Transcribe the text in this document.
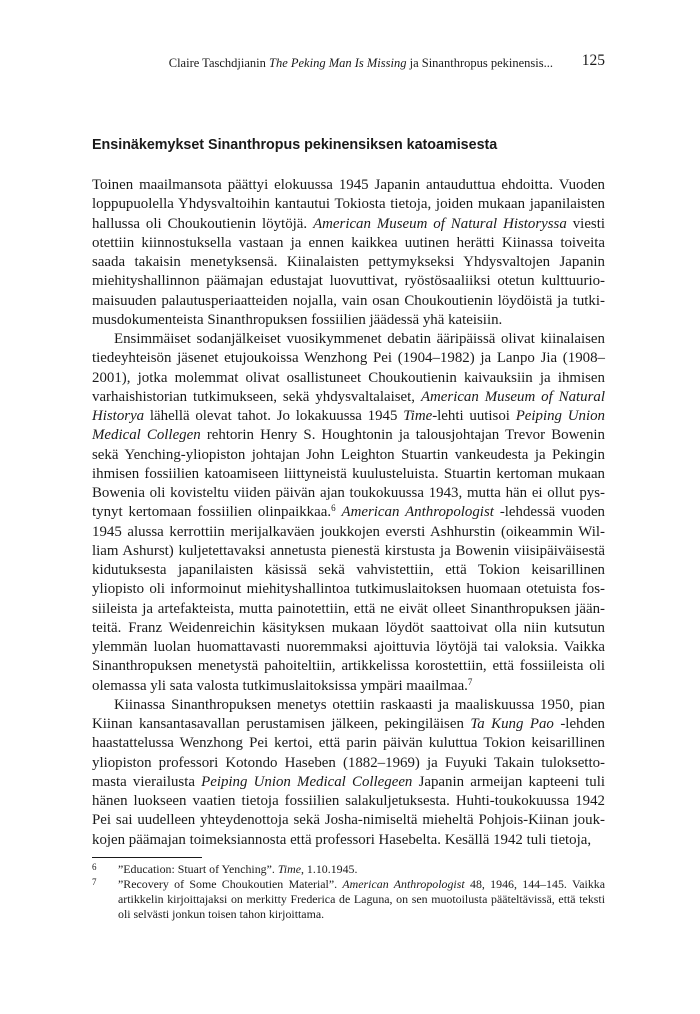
Claire Taschdjianin The Peking Man Is Missing ja Sinanthropus pekinensis... 125
Ensinäkemykset Sinanthropus pekinensiksen katoamisesta

Toinen maailmansota päättyi elokuussa 1945 Japanin antauduttua ehdoitta. Vuoden loppupuolella Yhdysvaltoihin kantautui Tokiosta tietoja, joiden mukaan japanilaisten hallussa oli Choukoutienin löytöjä. American Museum of Natural Historyssa viesti otettiin kiinnostuksella vastaan ja ennen kaikkea uutinen herätti Kiinassa toiveita saada takaisin menetyksensä. Kiinalaisten pettymykseksi Yhdysvaltojen Japanin miehityshallinnon päämajan edustajat luovuttivat, ryöstösaaliiksi otetun kulttuuriomaisuuden palautusperiaatteiden nojalla, vain osan Choukoutienin löydöistä ja tutkimusdokumenteista Sinanthropuksen fossiilien jäädessä yhä kateisiin.

Ensimmäiset sodanjälkeiset vuosikymmenet debatin ääripäissä olivat kiinalaisen tiedeyhteisön jäsenet etujoukoissa Wenzhong Pei (1904–1982) ja Lanpo Jia (1908–2001), jotka molemmat olivat osallistuneet Choukoutienin kaivauksiin ja ihmisen varhaishistorian tutkimukseen, sekä yhdysvaltalaiset, American Museum of Natural Historya lähellä olevat tahot. Jo lokakuussa 1945 Time-lehti uutisoi Peiping Union Medical Collegen rehtorin Henry S. Houghtonin ja talousjohtajan Trevor Bowenin sekä Yenching-yliopiston johtajan John Leighton Stuartin vankeudesta ja Pekingin ihmisen fossiilien katoamiseen liittyneistä kuulusteluista. Stuartin kertoman mukaan Bowenia oli kovisteltu viiden päivän ajan toukokuussa 1943, mutta hän ei ollut pystynyt kertomaan fossiilien olinpaikkaa.$^6$ American Anthropologist -lehdessä vuoden 1945 alussa kerrottiin merijalkaväen joukkojen eversti Ashhurstin (oikeammin William Ashurst) kuljetettavaksi annetusta pienestä kirstusta ja Bowenin viisipäiväisestä kidutuksesta japanilaisten käsissä sekä vahvistettiin, että Tokion keisarillinen yliopisto oli informoinut miehityshallintoa tutkimuslaitoksen huomaan otetuista fossiileista ja artefakteista, mutta painotettiin, että ne eivät olleet Sinanthropuksen jäänteitä. Franz Weidenreichin käsityksen mukaan löydöt saattoivat olla niin kutsutun ylemmän luolan huomattavasti nuoremmaksi ajoittuvia löytöjä tai valoksia. Vaikka Sinanthropuksen menetystä pahoiteltiin, artikkelissa korostettiin, että fossiileista oli olemassa yli sata valosta tutkimuslaitoksissa ympäri maailmaa.$^7$

Kiinassa Sinanthropuksen menetys otettiin raskaasti ja maaliskuussa 1950, pian Kiinan kansantasavallan perustamisen jälkeen, pekingiläisen Ta Kung Pao -lehden haastattelussa Wenzhong Pei kertoi, että parin päivän kuluttua Tokion keisarillinen yliopiston professori Kotondo Haseben (1882–1969) ja Fuyuki Takain tuloksettomasta vierailusta Peiping Union Medical Collegeen Japanin armeijan kapteeni tuli hänen luokseen vaatien tietoja fossiilien salakuljetuksesta. Huhti-toukokuussa 1942 Pei sai uudelleen yhteydenottoja sekä Josha-nimiseltä mieheltä Pohjois-Kiinan joukkojen päämajan toimeksiannosta että professori Hasebelta. Kesällä 1942 tuli tietoja,

6 ”Education: Stuart of Yenching”. Time, 1.10.1945.
7 ”Recovery of Some Choukoutien Material”. American Anthropologist 48, 1946, 144–145. Vaikka artikkelin kirjoittajaksi on merkitty Frederica de Laguna, on sen muotoilusta pääteltävissä, että teksti oli selvästi jonkun toisen tahon kirjoittama.
